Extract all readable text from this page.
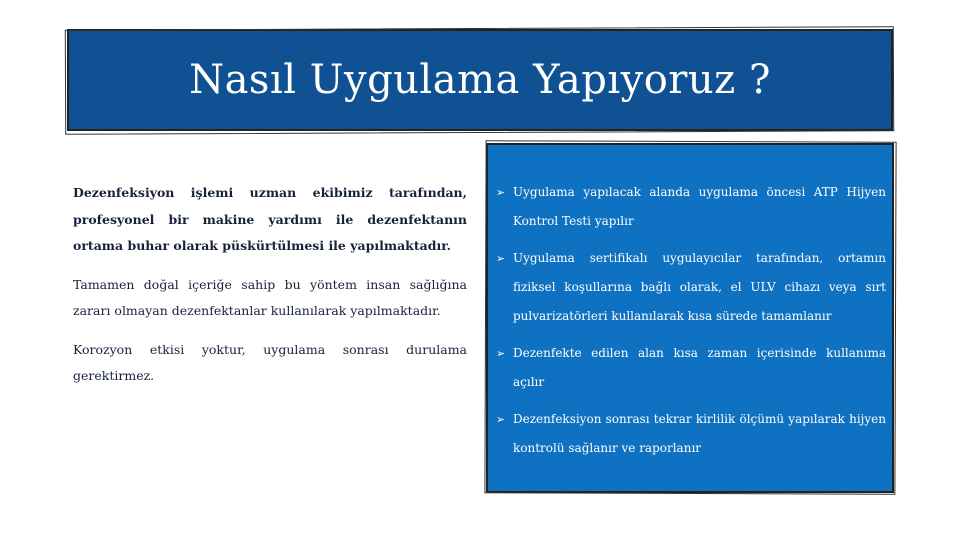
Nasıl Uygulama Yapıyoruz ?

Dezenfeksiyon işlemi uzman ekibimiz tarafından, profesyonel bir makine yardımı ile dezenfektanın ortama buhar olarak püskürtülmesi ile yapılmaktadır.

Tamamen doğal içeriğe sahip bu yöntem insan sağlığına zararı olmayan dezenfektanlar kullanılarak yapılmaktadır.

Korozyon etkisi yoktur, uygulama sonrası durulama gerektirmez.

➢ Uygulama yapılacak alanda uygulama öncesi ATP Hijyen Kontrol Testi yapılır
➢ Uygulama sertifikalı uygulayıcılar tarafından, ortamın fiziksel koşullarına bağlı olarak, el ULV cihazı veya sırt pulvarizatörleri kullanılarak kısa sürede tamamlanır
➢ Dezenfekte edilen alan kısa zaman içerisinde kullanıma açılır
➢ Dezenfeksiyon sonrası tekrar kirlilik ölçümü yapılarak hijyen kontrolü sağlanır ve raporlanır
